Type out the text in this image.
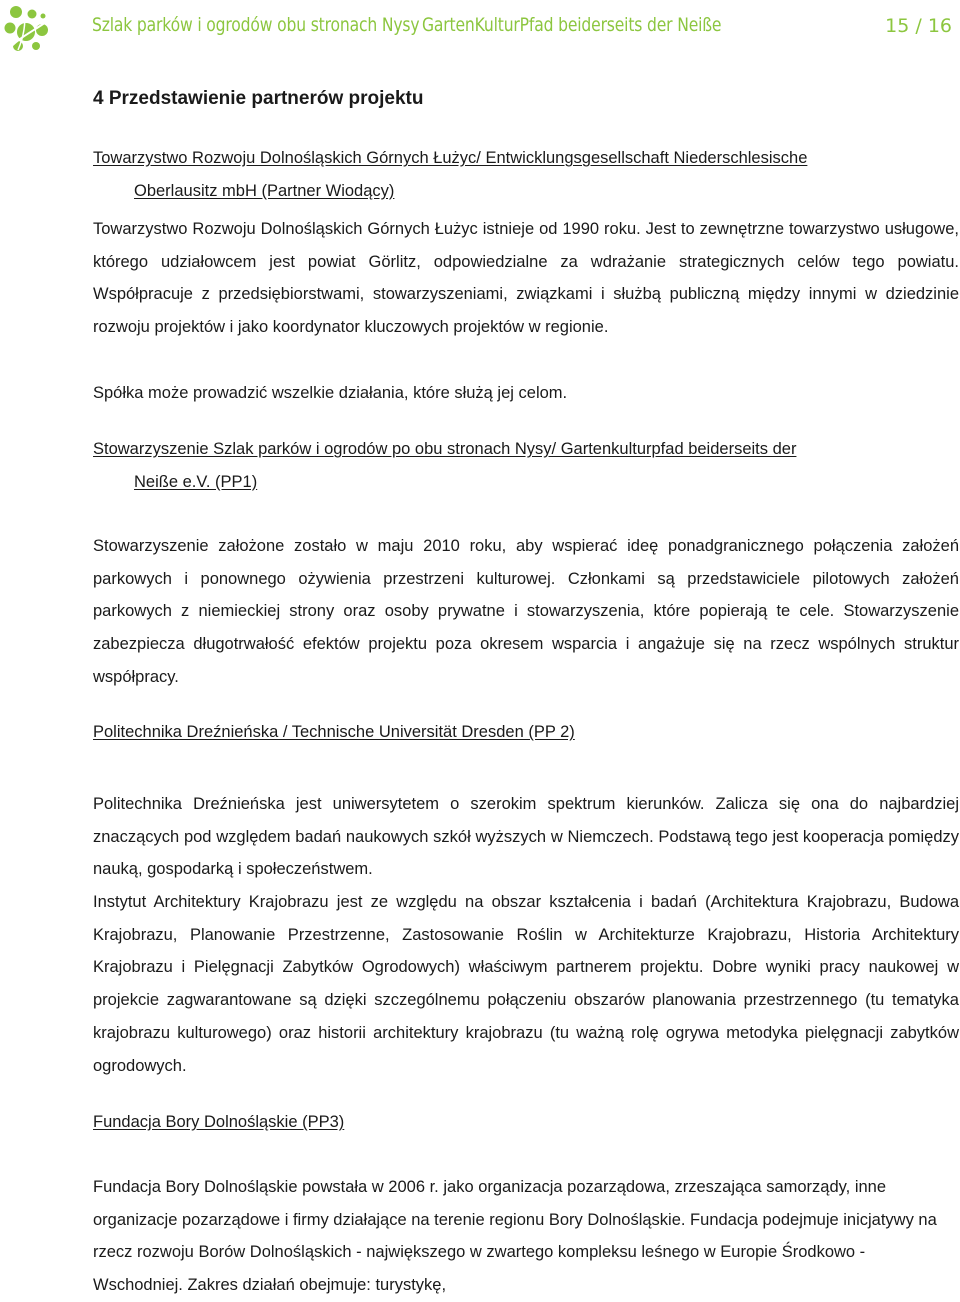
Szlak parków i ogrodów obu stronach Nysy GartenKulturPfad beiderseits der Neiße	15 / 16
4 Przedstawienie partnerów projektu
Towarzystwo Rozwoju Dolnośląskich Górnych Łużyc/ Entwicklungsgesellschaft Niederschlesische
Oberlausitz mbH (Partner Wiodący)

Towarzystwo Rozwoju Dolnośląskich Górnych Łużyc istnieje od 1990 roku. Jest to zewnętrzne towarzystwo usługowe, którego udziałowcem jest powiat Görlitz, odpowiedzialne za wdrażanie strategicznych celów tego powiatu. Współpracuje z przedsiębiorstwami, stowarzyszeniami, związkami i służbą publiczną między innymi w dziedzinie rozwoju projektów i jako koordynator kluczowych projektów w regionie.

Spółka może prowadzić wszelkie działania, które służą jej celom.

Stowarzyszenie Szlak parków i ogrodów po obu stronach Nysy/ Gartenkulturpfad beiderseits der
Neiße e.V. (PP1)

Stowarzyszenie założone zostało w maju 2010 roku, aby wspierać ideę ponadgranicznego połączenia założeń parkowych i ponownego ożywienia przestrzeni kulturowej. Członkami są przedstawiciele pilotowych założeń parkowych z niemieckiej strony oraz osoby prywatne i stowarzyszenia, które popierają te cele. Stowarzyszenie zabezpiecza długotrwałość efektów projektu poza okresem wsparcia i angażuje się na rzecz wspólnych struktur współpracy.

Politechnika Dreźnieńska / Technische Universität Dresden (PP 2)

Politechnika Dreźnieńska jest uniwersytetem o szerokim spektrum kierunków. Zalicza się ona do najbardziej znaczących pod względem badań naukowych szkół wyższych w Niemczech. Podstawą tego jest kooperacja pomiędzy nauką, gospodarką i społeczeństwem.

Instytut Architektury Krajobrazu jest ze względu na obszar kształcenia i badań (Architektura Krajobrazu, Budowa Krajobrazu, Planowanie Przestrzenne, Zastosowanie Roślin w Architekturze Krajobrazu, Historia Architektury Krajobrazu i Pielęgnacji Zabytków Ogrodowych) właściwym partnerem projektu. Dobre wyniki pracy naukowej w projekcie zagwarantowane są dzięki szczególnemu połączeniu obszarów planowania przestrzennego (tu tematyka krajobrazu kulturowego) oraz historii architektury krajobrazu (tu ważną rolę ogrywa metodyka pielęgnacji zabytków ogrodowych.

Fundacja Bory Dolnośląskie (PP3)

Fundacja Bory Dolnośląskie powstała w 2006 r. jako organizacja pozarządowa, zrzeszająca samorządy, inne organizacje pozarządowe i firmy działające na terenie regionu Bory Dolnośląskie. Fundacja podejmuje inicjatywy na rzecz rozwoju Borów Dolnośląskich - największego w zwartego kompleksu leśnego w Europie Środkowo - Wschodniej. Zakres działań obejmuje: turystykę,
